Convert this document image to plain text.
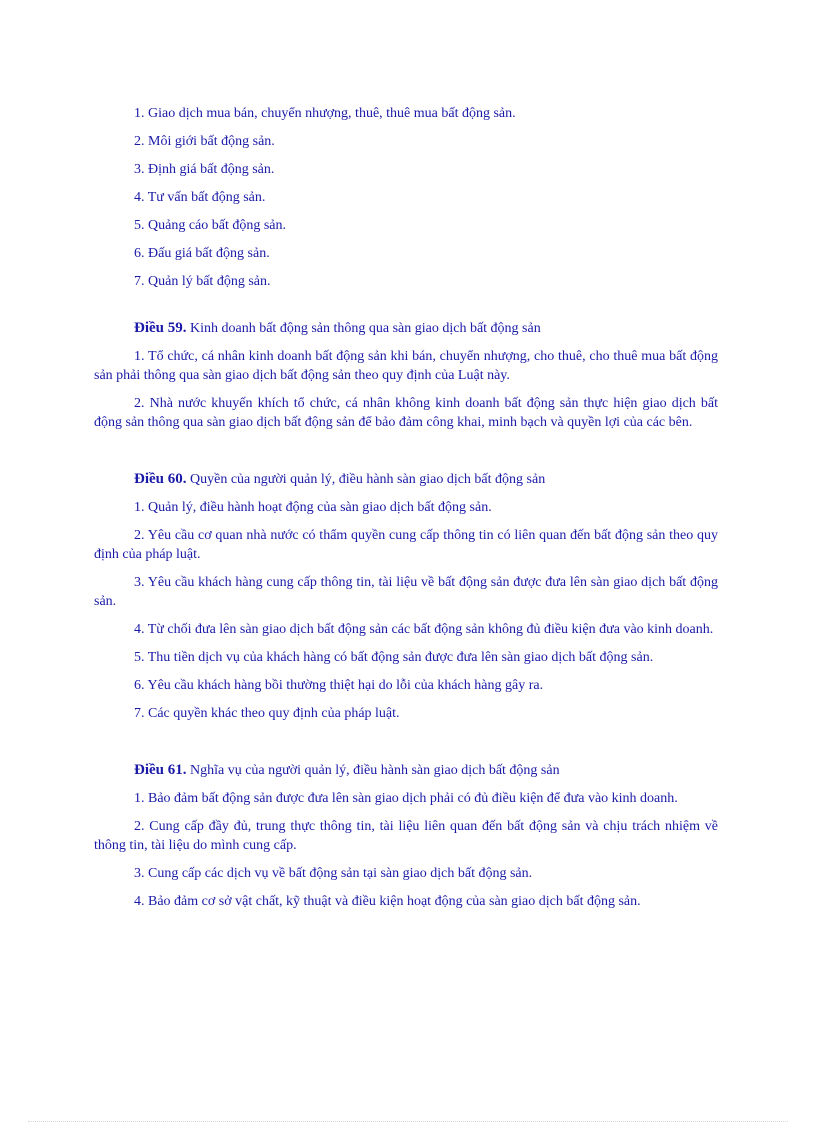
1. Giao dịch mua bán, chuyển nhượng, thuê, thuê mua bất động sản.

2. Môi giới bất động sản.

3. Định giá bất động sản.

4. Tư vấn bất động sản.

5. Quảng cáo bất động sản.

6. Đấu giá bất động sản.

7. Quản lý bất động sản.

Điều 59. Kinh doanh bất động sản thông qua sàn giao dịch bất động sản

1. Tổ chức, cá nhân kinh doanh bất động sản khi bán, chuyển nhượng, cho thuê, cho thuê mua bất động sản phải thông qua sàn giao dịch bất động sản theo quy định của Luật này.

2. Nhà nước khuyến khích tổ chức, cá nhân không kinh doanh bất động sản thực hiện giao dịch bất động sản thông qua sàn giao dịch bất động sản để bảo đảm công khai, minh bạch và quyền lợi của các bên.

Điều 60. Quyền của người quản lý, điều hành sàn giao dịch bất động sản

1. Quản lý, điều hành hoạt động của sàn giao dịch bất động sản.

2. Yêu cầu cơ quan nhà nước có thẩm quyền cung cấp thông tin có liên quan đến bất động sản theo quy định của pháp luật.

3. Yêu cầu khách hàng cung cấp thông tin, tài liệu về bất động sản được đưa lên sàn giao dịch bất động sản.

4. Từ chối đưa lên sàn giao dịch bất động sản các bất động sản không đủ điều kiện đưa vào kinh doanh.

5. Thu tiền dịch vụ của khách hàng có bất động sản được đưa lên sàn giao dịch bất động sản.

6. Yêu cầu khách hàng bồi thường thiệt hại do lỗi của khách hàng gây ra.

7. Các quyền khác theo quy định của pháp luật.

Điều 61. Nghĩa vụ của người quản lý, điều hành sàn giao dịch bất động sản

1. Bảo đảm bất động sản được đưa lên sàn giao dịch phải có đủ điều kiện để đưa vào kinh doanh.

2. Cung cấp đầy đủ, trung thực thông tin, tài liệu liên quan đến bất động sản và chịu trách nhiệm về thông tin, tài liệu do mình cung cấp.

3. Cung cấp các dịch vụ về bất động sản tại sàn giao dịch bất động sản.

4. Bảo đảm cơ sở vật chất, kỹ thuật và điều kiện hoạt động của sàn giao dịch bất động sản.
